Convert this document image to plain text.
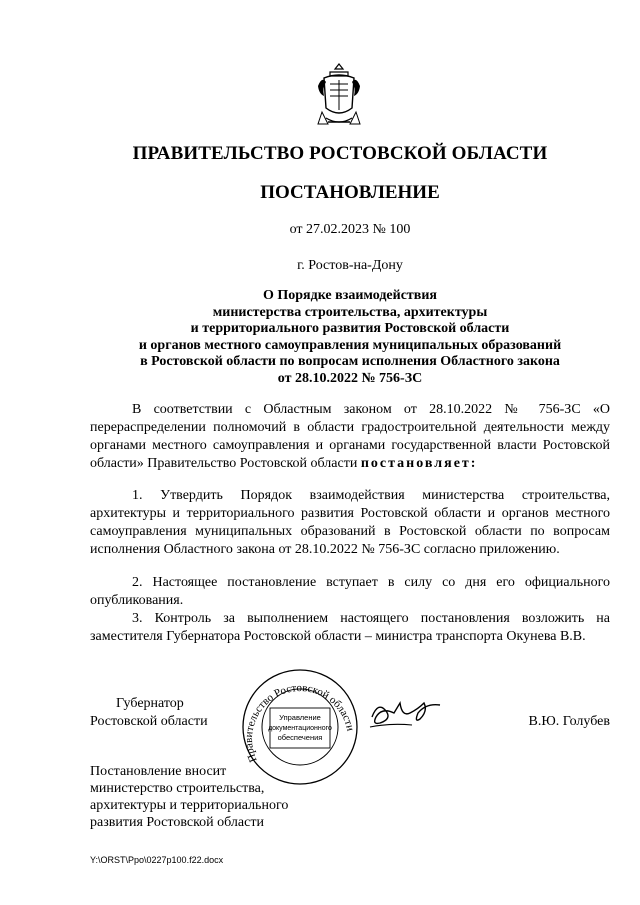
ПРАВИТЕЛЬСТВО РОСТОВСКОЙ ОБЛАСТИ
ПОСТАНОВЛЕНИЕ
от 27.02.2023 № 100
г. Ростов-на-Дону
О Порядке взаимодействия
министерства строительства, архитектуры
и территориального развития Ростовской области
и органов местного самоуправления муниципальных образований
в Ростовской области по вопросам исполнения Областного закона
от 28.10.2022 № 756-ЗС
В соответствии с Областным законом от 28.10.2022 № 756-ЗС «О перераспределении полномочий в области градостроительной деятельности между органами местного самоуправления и органами государственной власти Ростовской области» Правительство Ростовской области постановляет:
1. Утвердить Порядок взаимодействия министерства строительства, архитектуры и территориального развития Ростовской области и органов местного самоуправления муниципальных образований в Ростовской области по вопросам исполнения Областного закона от 28.10.2022 № 756-ЗС согласно приложению.
2. Настоящее постановление вступает в силу со дня его официального опубликования.
3. Контроль за выполнением настоящего постановления возложить на заместителя Губернатора Ростовской области – министра транспорта Окунева В.В.
Губернатор
Ростовской области
Правительство Ростовской области
Управление
документационного
обеспечения
В.Ю. Голубев
Постановление вносит
министерство строительства,
архитектуры и территориального
развития Ростовской области
Y:\ORST\Ppo\0227p100.f22.docx
